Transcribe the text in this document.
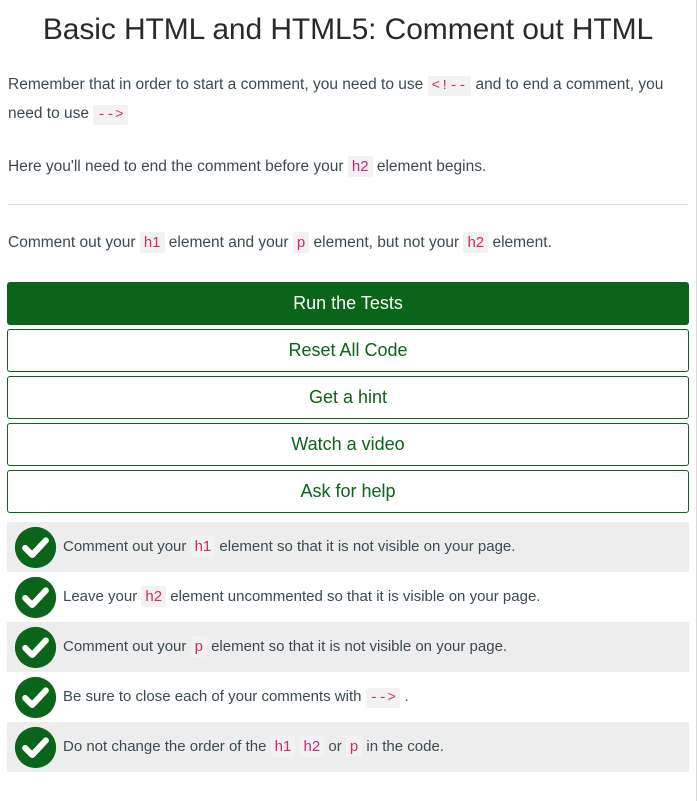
Basic HTML and HTML5: Comment out HTML

Remember that in order to start a comment, you need to use <!-- and to end a comment, you need to use -->

Here you'll need to end the comment before your h2 element begins.

Comment out your h1 element and your p element, but not your h2 element.
Run the Tests
Reset All Code
Get a hint
Watch a video
Ask for help
Comment out your h1 element so that it is not visible on your page.
Leave your h2 element uncommented so that it is visible on your page.
Comment out your p element so that it is not visible on your page.
Be sure to close each of your comments with --> .
Do not change the order of the h1 h2 or p in the code.
